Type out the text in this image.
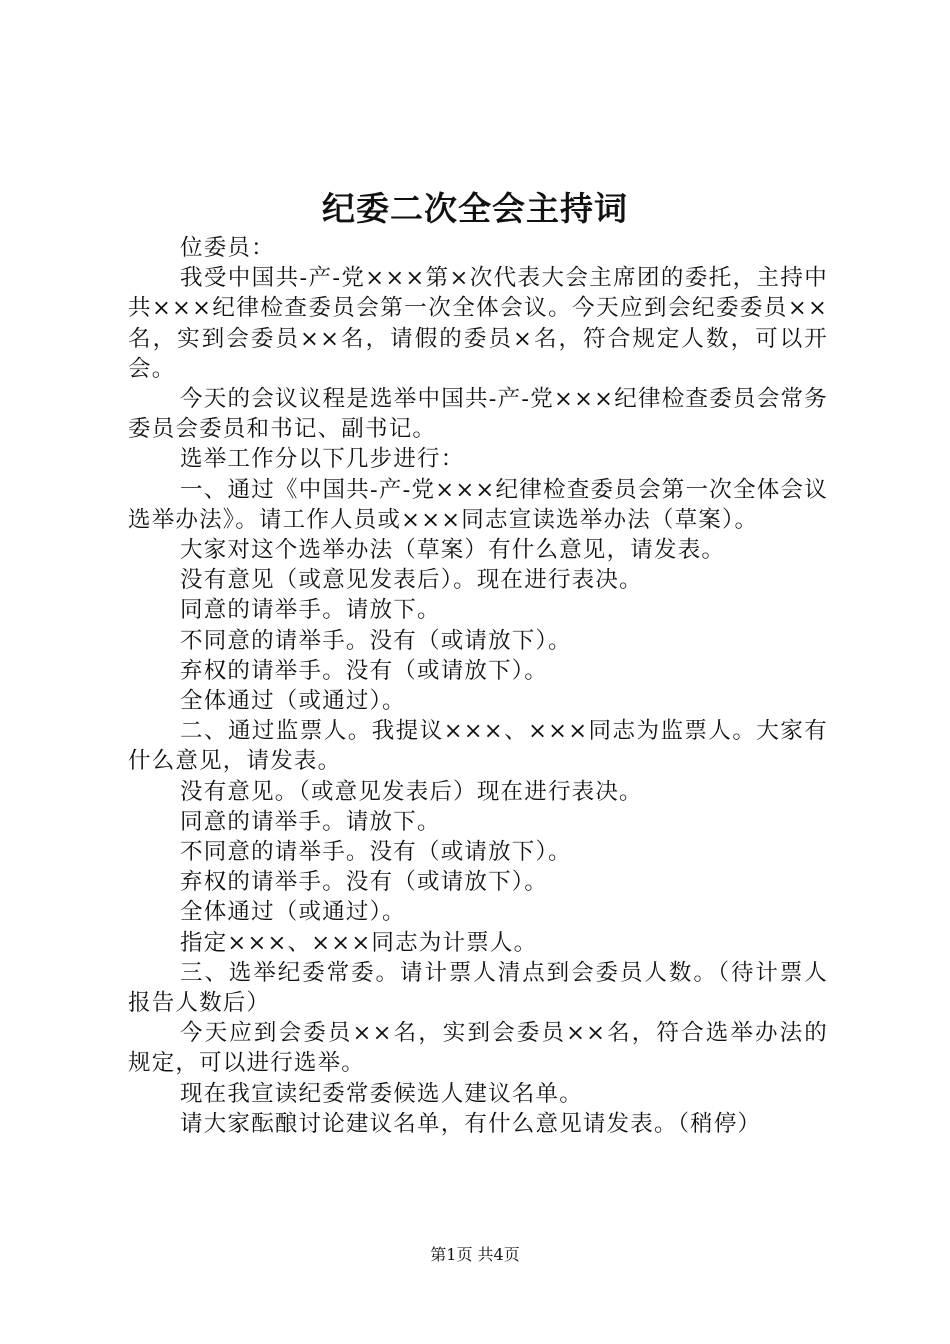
纪委二次全会主持词

位委员：

我受中国共-产-党×××第×次代表大会主席团的委托，主持中共×××纪律检查委员会第一次全体会议。今天应到会纪委委员××名，实到会委员××名，请假的委员×名，符合规定人数，可以开会。

今天的会议议程是选举中国共-产-党×××纪律检查委员会常务委员会委员和书记、副书记。

选举工作分以下几步进行：

一、通过《中国共-产-党×××纪律检查委员会第一次全体会议选举办法》。请工作人员或×××同志宣读选举办法（草案）。

大家对这个选举办法（草案）有什么意见，请发表。

没有意见（或意见发表后）。现在进行表决。

同意的请举手。请放下。

不同意的请举手。没有（或请放下）。

弃权的请举手。没有（或请放下）。

全体通过（或通过）。

二、通过监票人。我提议×××、×××同志为监票人。大家有什么意见，请发表。

没有意见。（或意见发表后）现在进行表决。

同意的请举手。请放下。

不同意的请举手。没有（或请放下）。

弃权的请举手。没有（或请放下）。

全体通过（或通过）。

指定×××、×××同志为计票人。

三、选举纪委常委。请计票人清点到会委员人数。（待计票人报告人数后）

今天应到会委员××名，实到会委员××名，符合选举办法的规定，可以进行选举。

现在我宣读纪委常委候选人建议名单。

请大家酝酿讨论建议名单，有什么意见请发表。（稍停）

第1页 共4页
